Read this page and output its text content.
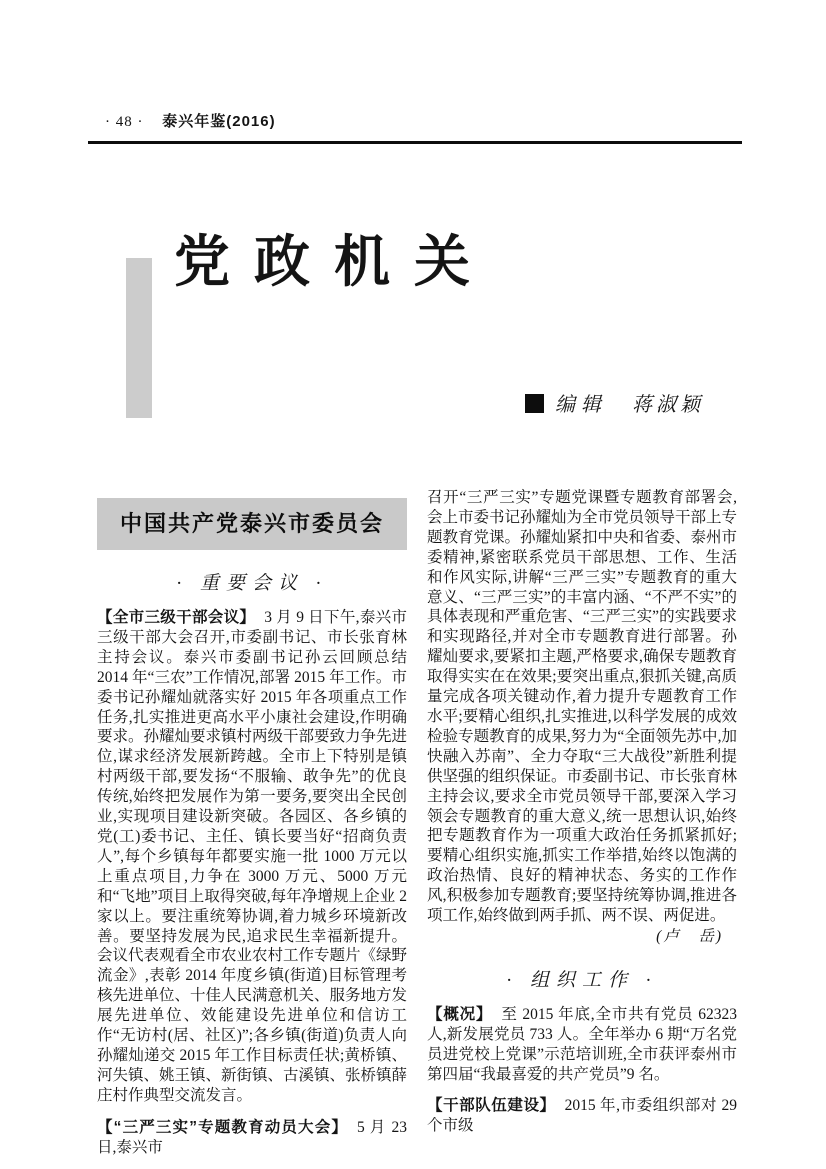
· 48 · 泰兴年鉴(2016)
党政机关
编辑 蒋淑颖
中国共产党泰兴市委员会
· 重要会议 ·

【全市三级干部会议】 3 月 9 日下午,泰兴市三级干部大会召开,市委副书记、市长张育林主持会议。泰兴市委副书记孙云回顾总结 2014 年“三农”工作情况,部署 2015 年工作。市委书记孙耀灿就落实好 2015 年各项重点工作任务,扎实推进更高水平小康社会建设,作明确要求。孙耀灿要求镇村两级干部要致力争先进位,谋求经济发展新跨越。全市上下特别是镇村两级干部,要发扬“不服输、敢争先”的优良传统,始终把发展作为第一要务,要突出全民创业,实现项目建设新突破。各园区、各乡镇的党(工)委书记、主任、镇长要当好“招商负责人”,每个乡镇每年都要实施一批 1000 万元以上重点项目,力争在 3000 万元、5000 万元和“飞地”项目上取得突破,每年净增规上企业 2 家以上。要注重统筹协调,着力城乡环境新改善。要坚持发展为民,追求民生幸福新提升。会议代表观看全市农业农村工作专题片《绿野流金》,表彰 2014 年度乡镇(街道)目标管理考核先进单位、十佳人民满意机关、服务地方发展先进单位、效能建设先进单位和信访工作“无访村(居、社区)”;各乡镇(街道)负责人向孙耀灿递交 2015 年工作目标责任状;黄桥镇、河失镇、姚王镇、新街镇、古溪镇、张桥镇薛庄村作典型交流发言。

【“三严三实”专题教育动员大会】 5 月 23 日,泰兴市

召开“三严三实”专题党课暨专题教育部署会,会上市委书记孙耀灿为全市党员领导干部上专题教育党课。孙耀灿紧扣中央和省委、泰州市委精神,紧密联系党员干部思想、工作、生活和作风实际,讲解“三严三实”专题教育的重大意义、“三严三实”的丰富内涵、“不严不实”的具体表现和严重危害、“三严三实”的实践要求和实现路径,并对全市专题教育进行部署。孙耀灿要求,要紧扣主题,严格要求,确保专题教育取得实实在在效果;要突出重点,狠抓关键,高质量完成各项关键动作,着力提升专题教育工作水平;要精心组织,扎实推进,以科学发展的成效检验专题教育的成果,努力为“全面领先苏中,加快融入苏南”、全力夺取“三大战役”新胜利提供坚强的组织保证。市委副书记、市长张育林主持会议,要求全市党员领导干部,要深入学习领会专题教育的重大意义,统一思想认识,始终把专题教育作为一项重大政治任务抓紧抓好;要精心组织实施,抓实工作举措,始终以饱满的政治热情、良好的精神状态、务实的工作作风,积极参加专题教育;要坚持统筹协调,推进各项工作,始终做到两手抓、两不误、两促进。

(卢　岳)
· 组织工作 ·

【概况】 至 2015 年底,全市共有党员 62323 人,新发展党员 733 人。全年举办 6 期“万名党员进党校上党课”示范培训班,全市获评泰州市第四届“我最喜爱的共产党员”9 名。

【干部队伍建设】 2015 年,市委组织部对 29 个市级
